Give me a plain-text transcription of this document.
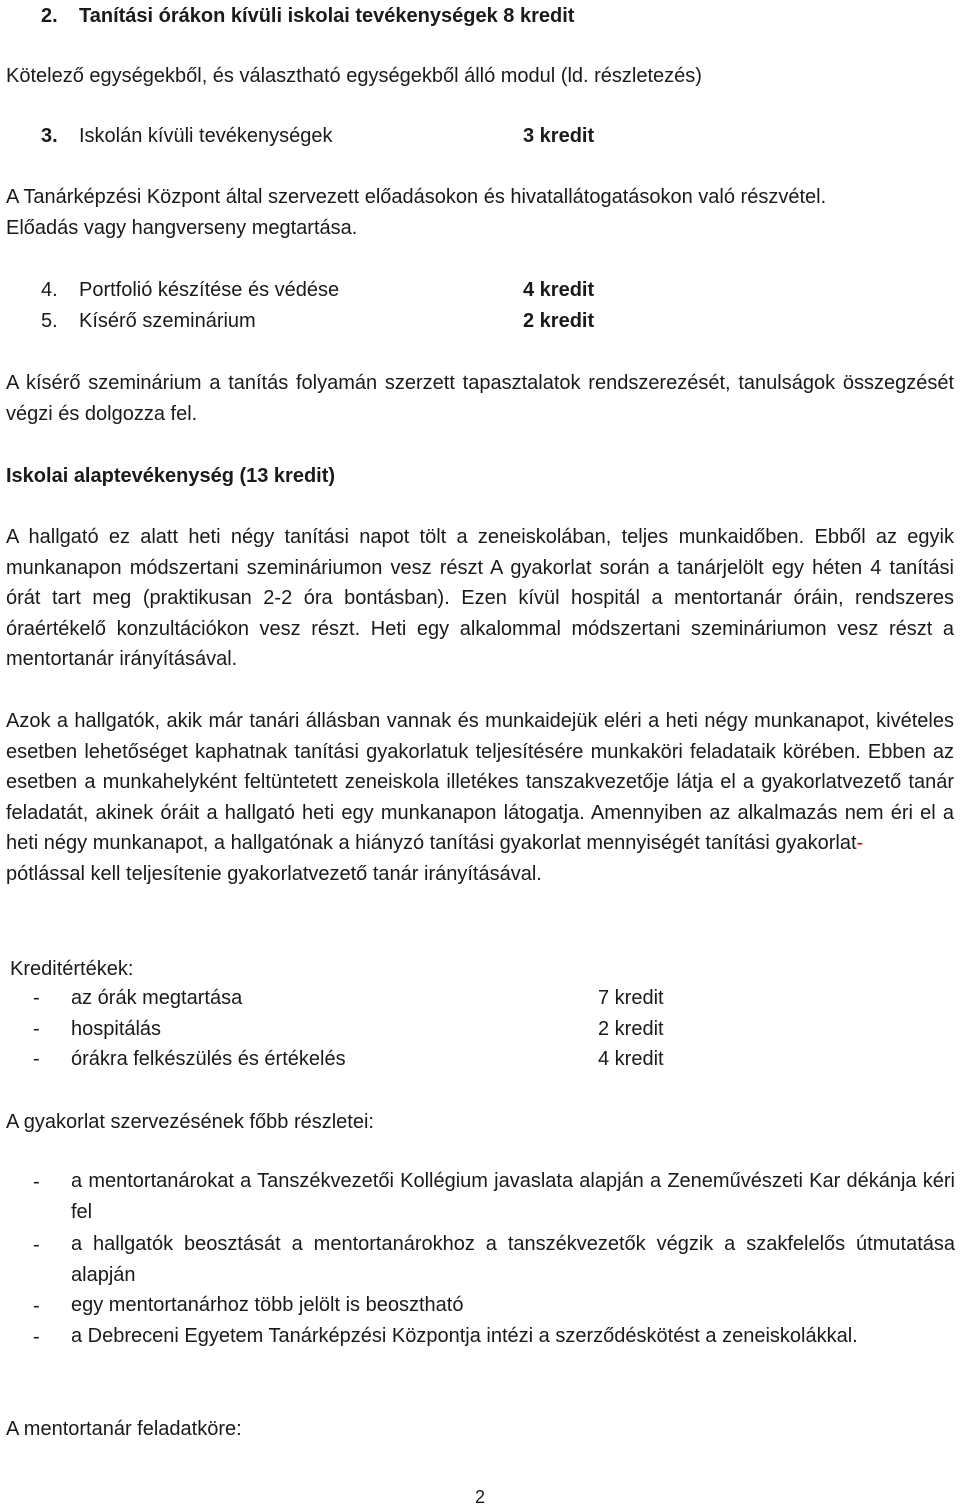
2. Tanítási órákon kívüli iskolai tevékenységek 8 kredit
Kötelező egységekből, és választható egységekből álló modul (ld. részletezés)
3. Iskolán kívüli tevékenységek	3 kredit
A Tanárképzési Központ által szervezett előadásokon és hivatallátogatásokon való részvétel.
Előadás vagy hangverseny megtartása.
4. Portfolió készítése és védése	4 kredit
5. Kísérő szeminárium	2 kredit
A kísérő szeminárium a tanítás folyamán szerzett tapasztalatok rendszerezését, tanulságok összegzését végzi és dolgozza fel.
Iskolai alaptevékenység (13 kredit)
A hallgató ez alatt heti négy tanítási napot tölt a zeneiskolában, teljes munkaidőben. Ebből az egyik munkanapon módszertani szemináriumon vesz részt A gyakorlat során a tanárjelölt egy héten 4 tanítási órát tart meg (praktikusan 2-2 óra bontásban). Ezen kívül hospitál a mentortanár óráin, rendszeres óraértékelő konzultációkon vesz részt. Heti egy alkalommal módszertani szemináriumon vesz részt a mentortanár irányításával.
Azok a hallgatók, akik már tanári állásban vannak és munkaidejük eléri a heti négy munkanapot, kivételes esetben lehetőséget kaphatnak tanítási gyakorlatuk teljesítésére munkaköri feladataik körében. Ebben az esetben a munkahelyként feltüntetett zeneiskola illetékes tanszakvezetője látja el a gyakorlatvezető tanár feladatát, akinek óráit a hallgató heti egy munkanapon látogatja. Amennyiben az alkalmazás nem éri el a heti négy munkanapot, a hallgatónak a hiányzó tanítási gyakorlat mennyiségét tanítási gyakorlat-
pótlással kell teljesítenie gyakorlatvezető tanár irányításával.
Kreditértékek:
- az órák megtartása	7 kredit
- hospitálás	2 kredit
- órákra felkészülés és értékelés	4 kredit
A gyakorlat szervezésének főbb részletei:
- a mentortanárokat a Tanszékvezetői Kollégium javaslata alapján a Zeneművészeti Kar dékánja kéri fel
- a hallgatók beosztását a mentortanárokhoz a tanszékvezetők végzik a szakfelelős útmutatása alapján
- egy mentortanárhoz több jelölt is beosztható
- a Debreceni Egyetem Tanárképzési Központja intézi a szerződéskötést a zeneiskolákkal.
A mentortanár feladatköre:
2
